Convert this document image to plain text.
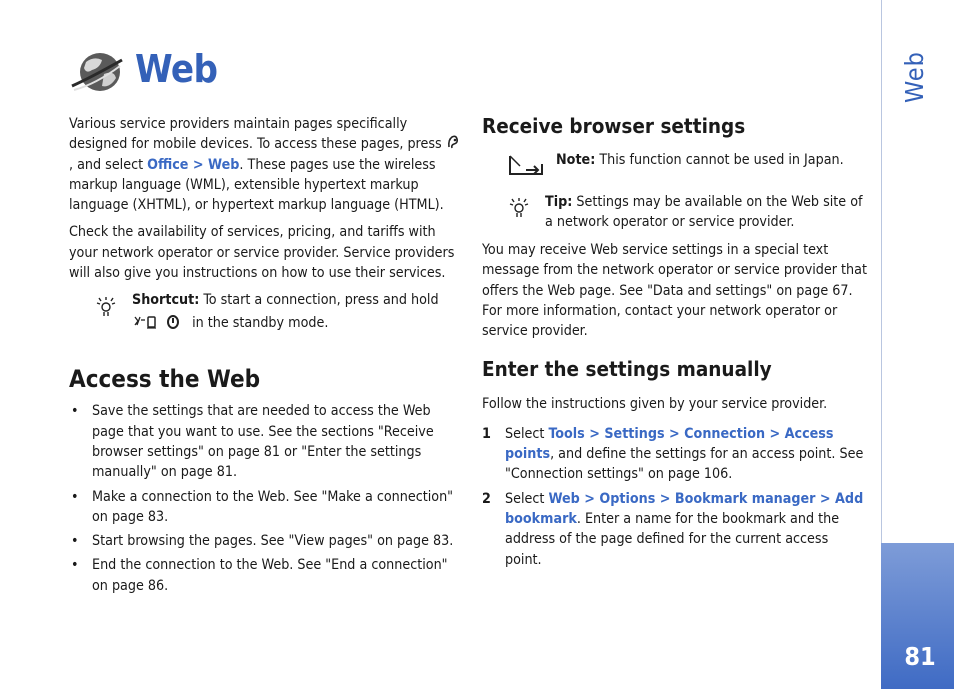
Web
81
Web

Various service providers maintain pages specifically designed for mobile devices. To access these pages, press , and select Office > Web. These pages use the wireless markup language (WML), extensible hypertext markup language (XHTML), or hypertext markup language (HTML).

Check the availability of services, pricing, and tariffs with your network operator or service provider. Service providers will also give you instructions on how to use their services.

Shortcut: To start a connection, press and hold
in the standby mode.
Access the Web
• Save the settings that are needed to access the Web page that you want to use. See the sections "Receive browser settings" on page 81 or "Enter the settings manually" on page 81.
• Make a connection to the Web. See "Make a connection" on page 83.
• Start browsing the pages. See "View pages" on page 83.
• End the connection to the Web. See "End a connection" on page 86.
Receive browser settings
Note: This function cannot be used in Japan.
Tip: Settings may be available on the Web site of a network operator or service provider.

You may receive Web service settings in a special text message from the network operator or service provider that offers the Web page. See "Data and settings" on page 67. For more information, contact your network operator or service provider.

Enter the settings manually

Follow the instructions given by your service provider.

1 Select Tools > Settings > Connection > Access points, and define the settings for an access point. See "Connection settings" on page 106.
2 Select Web > Options > Bookmark manager > Add bookmark. Enter a name for the bookmark and the address of the page defined for the current access point.
